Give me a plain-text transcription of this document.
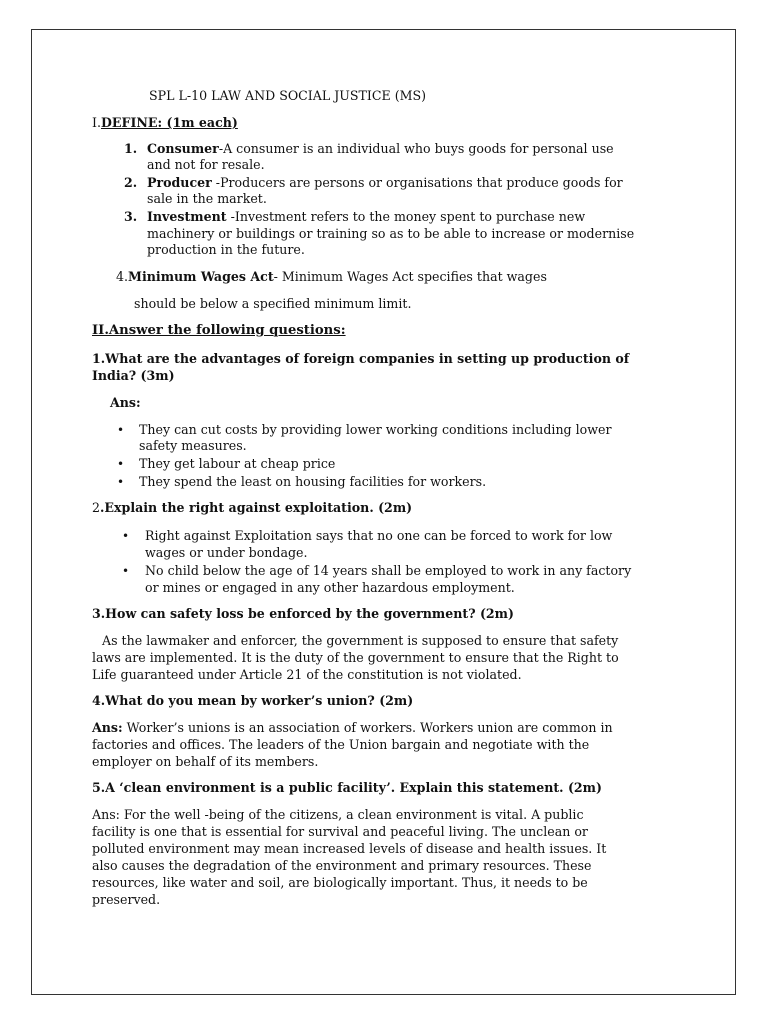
SPL L-10 LAW AND SOCIAL JUSTICE (MS)
I.DEFINE: (1m each)
1. Consumer-A consumer is an individual who buys goods for personal use
and not for resale.
2. Producer -Producers are persons or organisations that produce goods for
sale in the market.
3. Investment -Investment refers to the money spent to purchase new
machinery or buildings or training so as to be able to increase or modernise
production in the future.
4.Minimum Wages Act- Minimum Wages Act specifies that wages
should be below a specified minimum limit.
II.Answer the following questions:
1.What are the advantages of foreign companies in setting up production of
India? (3m)
Ans:
• They can cut costs by providing lower working conditions including lower
safety measures.
• They get labour at cheap price
• They spend the least on housing facilities for workers.
2.Explain the right against exploitation. (2m)
• Right against Exploitation says that no one can be forced to work for low
wages or under bondage.
• No child below the age of 14 years shall be employed to work in any factory
or mines or engaged in any other hazardous employment.
3.How can safety loss be enforced by the government? (2m)
As the lawmaker and enforcer, the government is supposed to ensure that safety
laws are implemented. It is the duty of the government to ensure that the Right to
Life guaranteed under Article 21 of the constitution is not violated.
4.What do you mean by worker’s union? (2m)
Ans: Worker’s unions is an association of workers. Workers union are common in
factories and offices. The leaders of the Union bargain and negotiate with the
employer on behalf of its members.
5.A ‘clean environment is a public facility’. Explain this statement. (2m)
Ans: For the well -being of the citizens, a clean environment is vital. A public
facility is one that is essential for survival and peaceful living. The unclean or
polluted environment may mean increased levels of disease and health issues. It
also causes the degradation of the environment and primary resources. These
resources, like water and soil, are biologically important. Thus, it needs to be
preserved.
